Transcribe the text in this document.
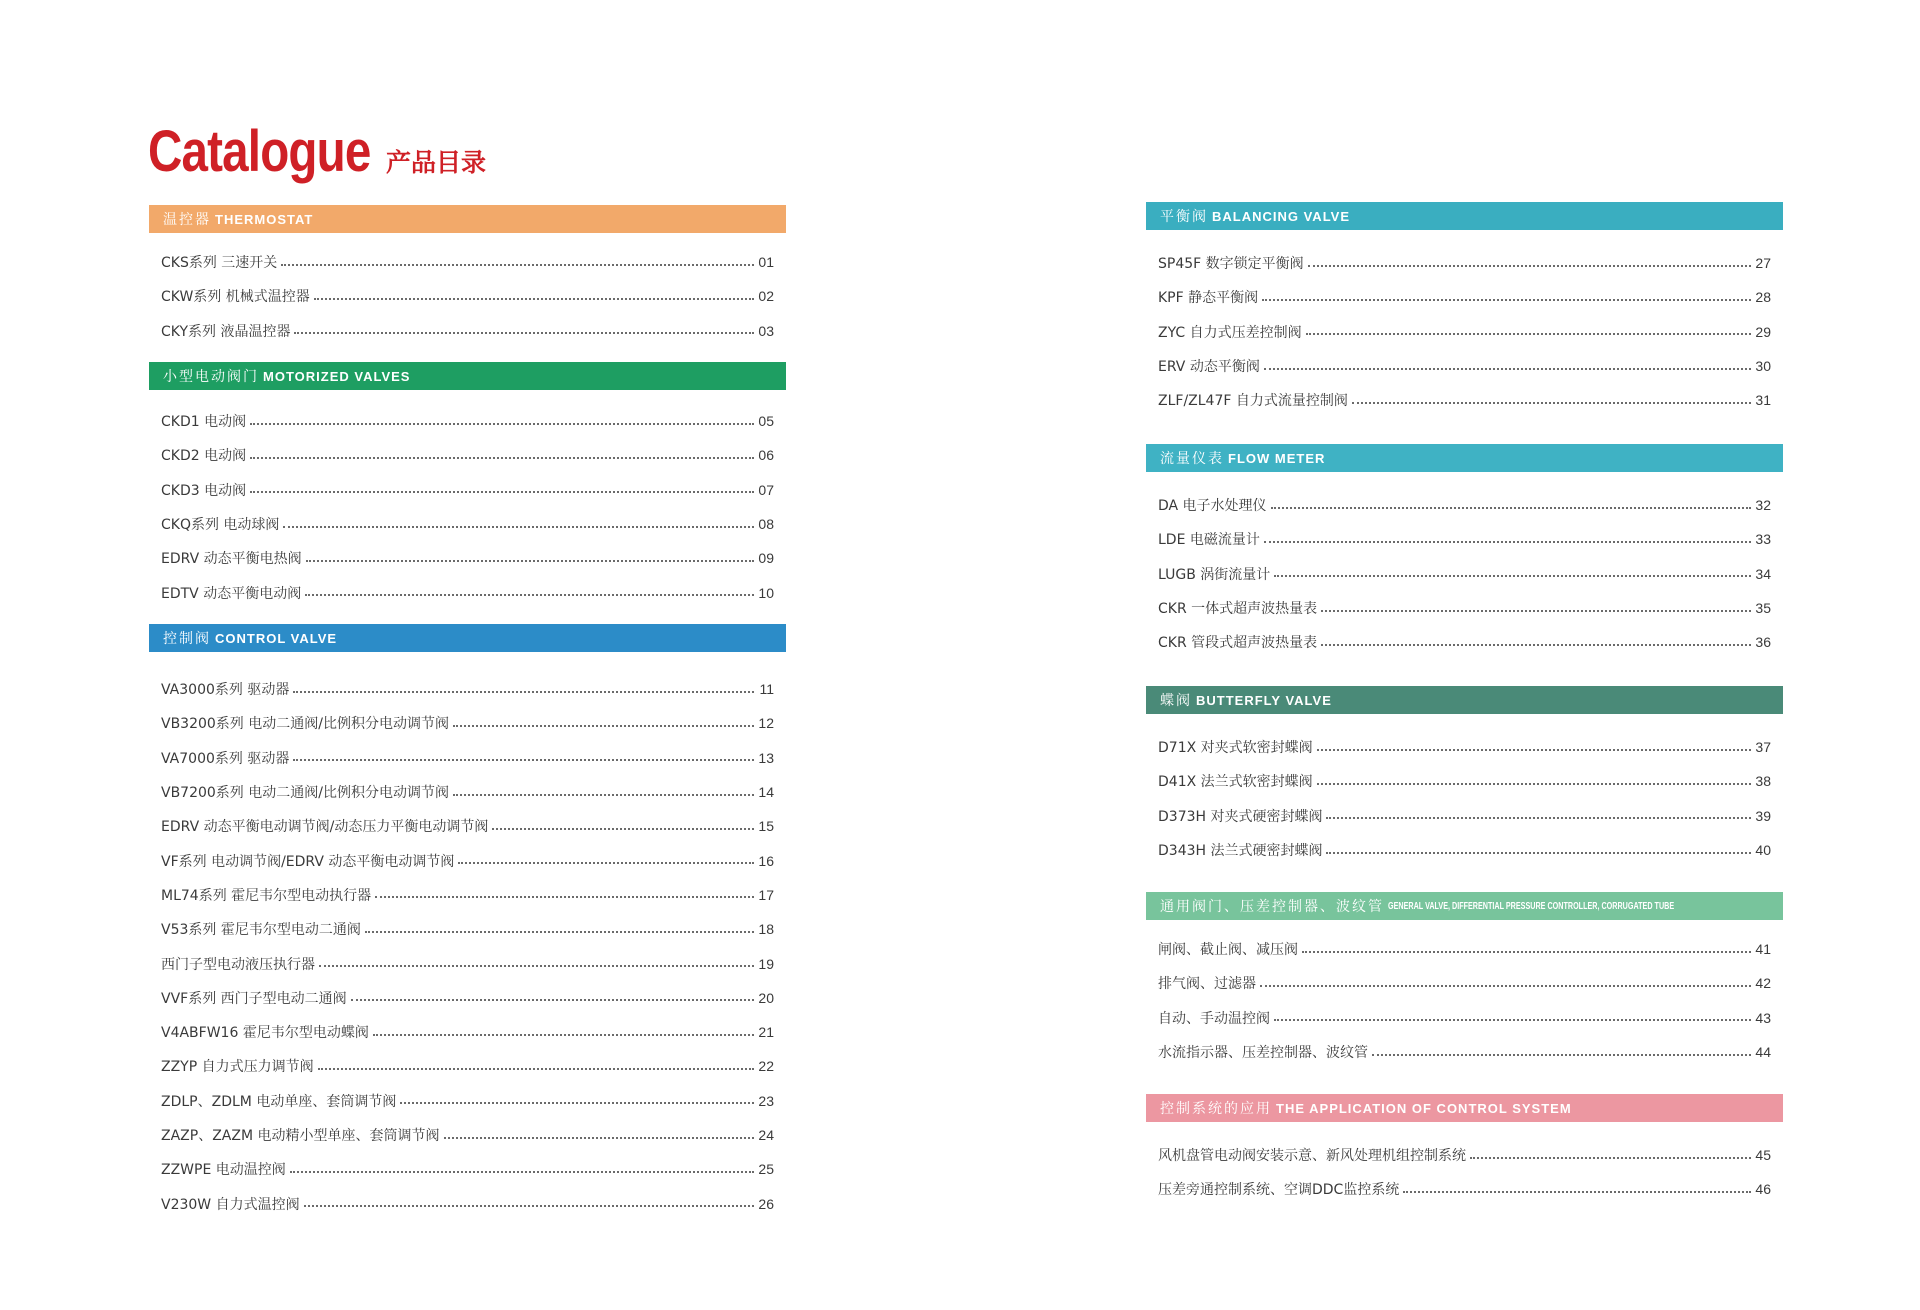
Catalogue 产品目录
温控器 THERMOSTAT
CKS系列 三速开关	01
CKW系列 机械式温控器	02
CKY系列 液晶温控器	03
小型电动阀门 MOTORIZED VALVES
CKD1 电动阀	05
CKD2 电动阀	06
CKD3 电动阀	07
CKQ系列 电动球阀	08
EDRV 动态平衡电热阀	09
EDTV 动态平衡电动阀	10
控制阀 CONTROL VALVE
VA3000系列 驱动器	11
VB3200系列 电动二通阀/比例积分电动调节阀	12
VA7000系列 驱动器	13
VB7200系列 电动二通阀/比例积分电动调节阀	14
EDRV 动态平衡电动调节阀/动态压力平衡电动调节阀	15
VF系列 电动调节阀/EDRV 动态平衡电动调节阀	16
ML74系列 霍尼韦尔型电动执行器	17
V53系列 霍尼韦尔型电动二通阀	18
西门子型电动液压执行器	19
VVF系列 西门子型电动二通阀	20
V4ABFW16 霍尼韦尔型电动蝶阀	21
ZZYP 自力式压力调节阀	22
ZDLP、ZDLM 电动单座、套筒调节阀	23
ZAZP、ZAZM 电动精小型单座、套筒调节阀	24
ZZWPE 电动温控阀	25
V230W 自力式温控阀	26
平衡阀 BALANCING VALVE
SP45F 数字锁定平衡阀	27
KPF 静态平衡阀	28
ZYC 自力式压差控制阀	29
ERV 动态平衡阀	30
ZLF/ZL47F 自力式流量控制阀	31
流量仪表 FLOW METER
DA 电子水处理仪	32
LDE 电磁流量计	33
LUGB 涡街流量计	34
CKR 一体式超声波热量表	35
CKR 管段式超声波热量表	36
蝶阀 BUTTERFLY VALVE
D71X 对夹式软密封蝶阀	37
D41X 法兰式软密封蝶阀	38
D373H 对夹式硬密封蝶阀	39
D343H 法兰式硬密封蝶阀	40
通用阀门、压差控制器、波纹管 GENERAL VALVE, DIFFERENTIAL PRESSURE CONTROLLER, CORRUGATED TUBE
闸阀、截止阀、减压阀	41
排气阀、过滤器	42
自动、手动温控阀	43
水流指示器、压差控制器、波纹管	44
控制系统的应用 THE APPLICATION OF CONTROL SYSTEM
风机盘管电动阀安装示意、新风处理机组控制系统	45
压差旁通控制系统、空调DDC监控系统	46
